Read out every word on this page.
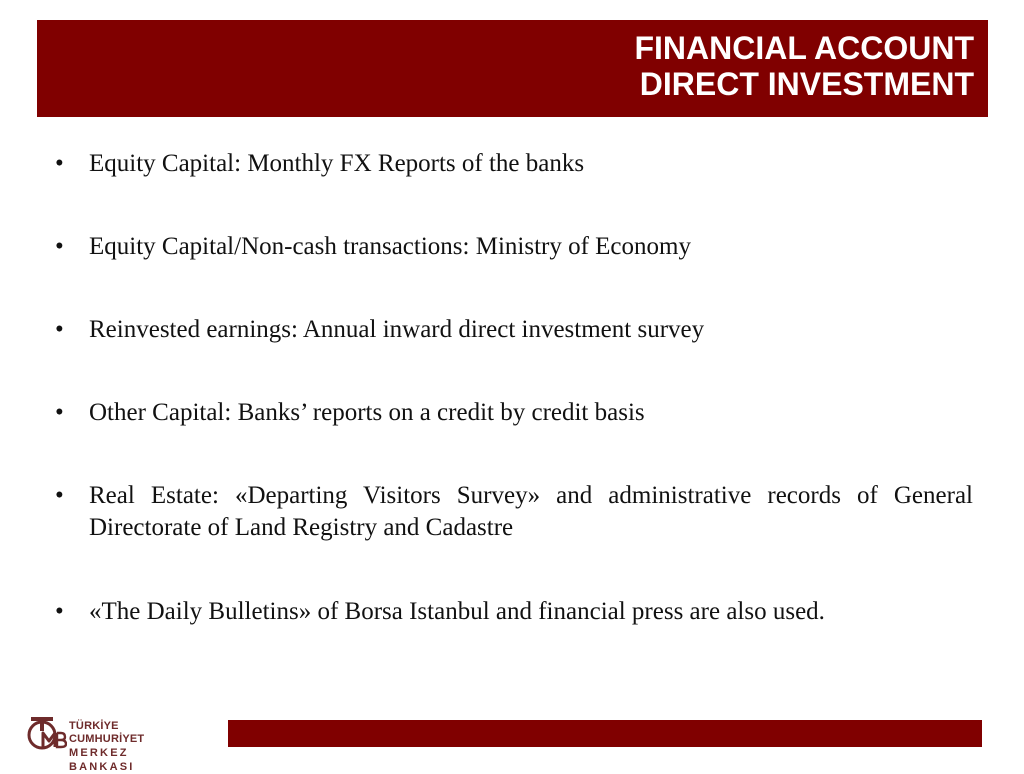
FINANCIAL ACCOUNT
DIRECT INVESTMENT
• Equity Capital: Monthly FX Reports of the banks
• Equity Capital/Non-cash transactions: Ministry of Economy
• Reinvested earnings: Annual inward direct investment survey
• Other Capital: Banks’ reports on a credit by credit basis
• Real Estate: «Departing Visitors Survey» and administrative records of General Directorate of Land Registry and Cadastre
• «The Daily Bulletins» of Borsa Istanbul and financial press are also used.
TÜRKİYE CUMHURİYET
MERKEZ BANKASI
